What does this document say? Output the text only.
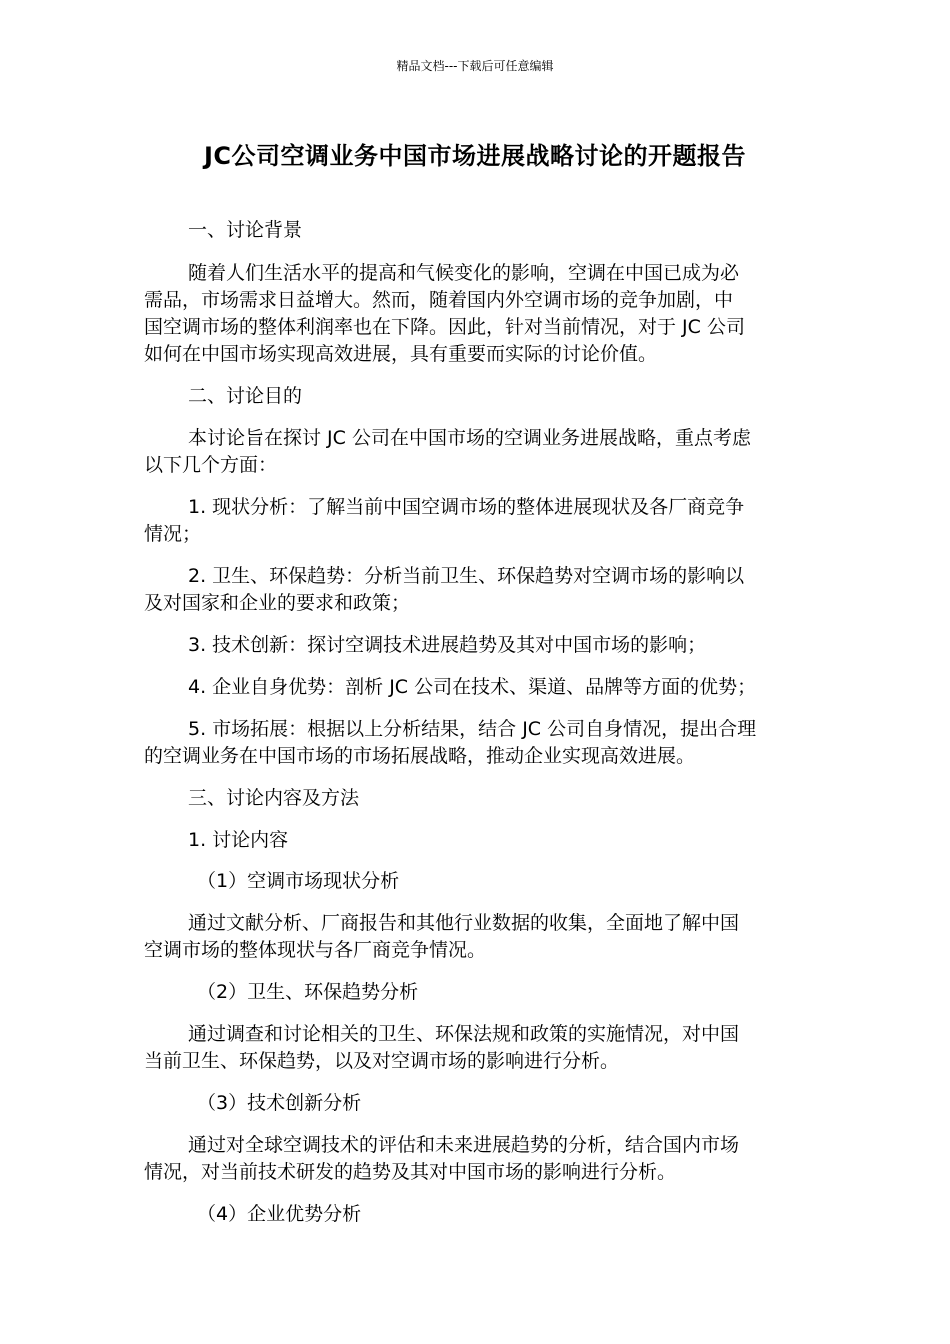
精品文档---下载后可任意编辑
JC公司空调业务中国市场进展战略讨论的开题报告
一、讨论背景
随着人们生活水平的提高和气候变化的影响，空调在中国已成为必
需品，市场需求日益增大。然而，随着国内外空调市场的竞争加剧，中
国空调市场的整体利润率也在下降。因此，针对当前情况，对于 JC 公司
如何在中国市场实现高效进展，具有重要而实际的讨论价值。
二、讨论目的
本讨论旨在探讨 JC 公司在中国市场的空调业务进展战略，重点考虑
以下几个方面：
1. 现状分析：了解当前中国空调市场的整体进展现状及各厂商竞争
情况；
2. 卫生、环保趋势：分析当前卫生、环保趋势对空调市场的影响以
及对国家和企业的要求和政策；
3. 技术创新：探讨空调技术进展趋势及其对中国市场的影响；
4. 企业自身优势：剖析 JC 公司在技术、渠道、品牌等方面的优势；
5. 市场拓展：根据以上分析结果，结合 JC 公司自身情况，提出合理
的空调业务在中国市场的市场拓展战略，推动企业实现高效进展。
三、讨论内容及方法
1. 讨论内容
（1）空调市场现状分析
通过文献分析、厂商报告和其他行业数据的收集，全面地了解中国
空调市场的整体现状与各厂商竞争情况。
（2）卫生、环保趋势分析
通过调查和讨论相关的卫生、环保法规和政策的实施情况，对中国
当前卫生、环保趋势，以及对空调市场的影响进行分析。
（3）技术创新分析
通过对全球空调技术的评估和未来进展趋势的分析，结合国内市场
情况，对当前技术研发的趋势及其对中国市场的影响进行分析。
（4）企业优势分析
